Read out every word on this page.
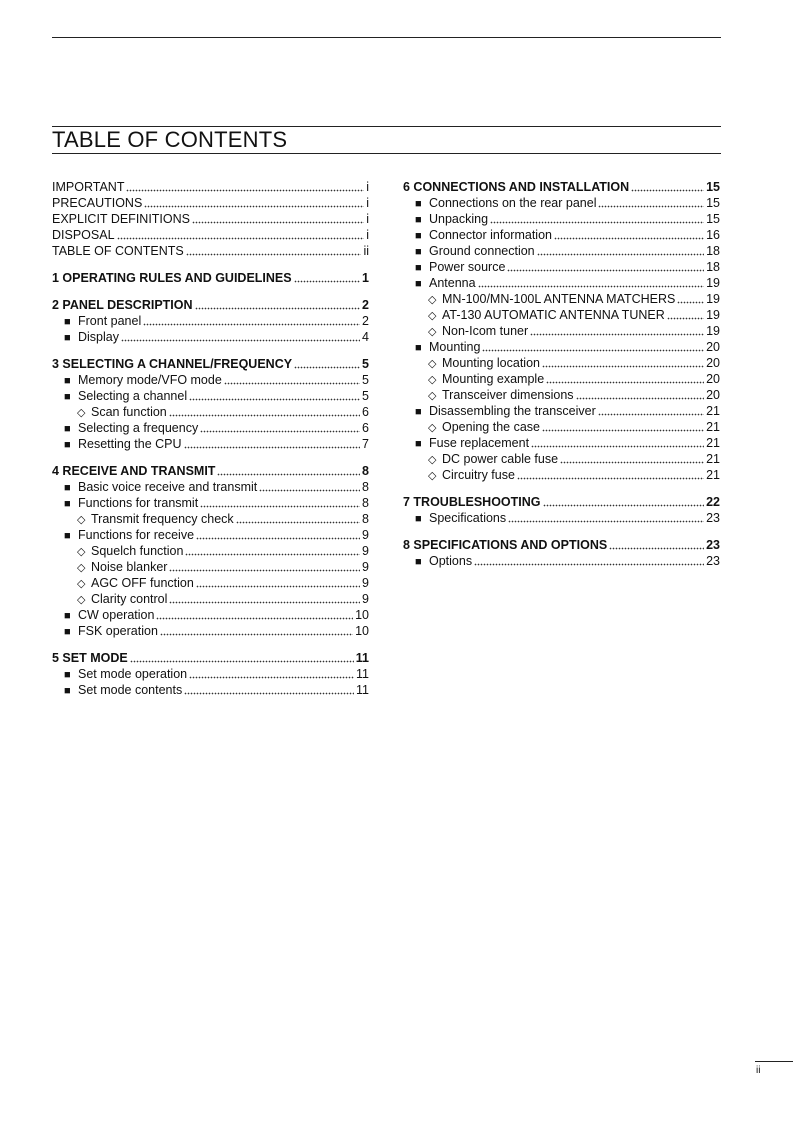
TABLE OF CONTENTS
IMPORTANT	i
PRECAUTIONS	i
EXPLICIT DEFINITIONS	i
DISPOSAL	i
TABLE OF CONTENTS	ii
1 OPERATING RULES AND GUIDELINES	1
2 PANEL DESCRIPTION	2
■ Front panel	2
■ Display	4
3 SELECTING A CHANNEL/FREQUENCY	5
■ Memory mode/VFO mode	5
■ Selecting a channel	5
◇ Scan function	6
■ Selecting a frequency	6
■ Resetting the CPU	7
4 RECEIVE AND TRANSMIT	8
■ Basic voice receive and transmit	8
■ Functions for transmit	8
◇ Transmit frequency check	8
■ Functions for receive	9
◇ Squelch function	9
◇ Noise blanker	9
◇ AGC OFF function	9
◇ Clarity control	9
■ CW operation	10
■ FSK operation	10
5 SET MODE	11
■ Set mode operation	11
■ Set mode contents	11
6 CONNECTIONS AND INSTALLATION	15
■ Connections on the rear panel	15
■ Unpacking	15
■ Connector information	16
■ Ground connection	18
■ Power source	18
■ Antenna	19
◇ MN-100/MN-100L ANTENNA MATCHERS 19
◇ AT-130 AUTOMATIC ANTENNA TUNER	19
◇ Non-Icom tuner	19
■ Mounting	20
◇ Mounting location	20
◇ Mounting example	20
◇ Transceiver dimensions	20
■ Disassembling the transceiver	21
◇ Opening the case	21
■ Fuse replacement	21
◇ DC power cable fuse	21
◇ Circuitry fuse	21
7 TROUBLESHOOTING	22
■ Specifications	23
8 SPECIFICATIONS AND OPTIONS	23
■ Options	23
ii
